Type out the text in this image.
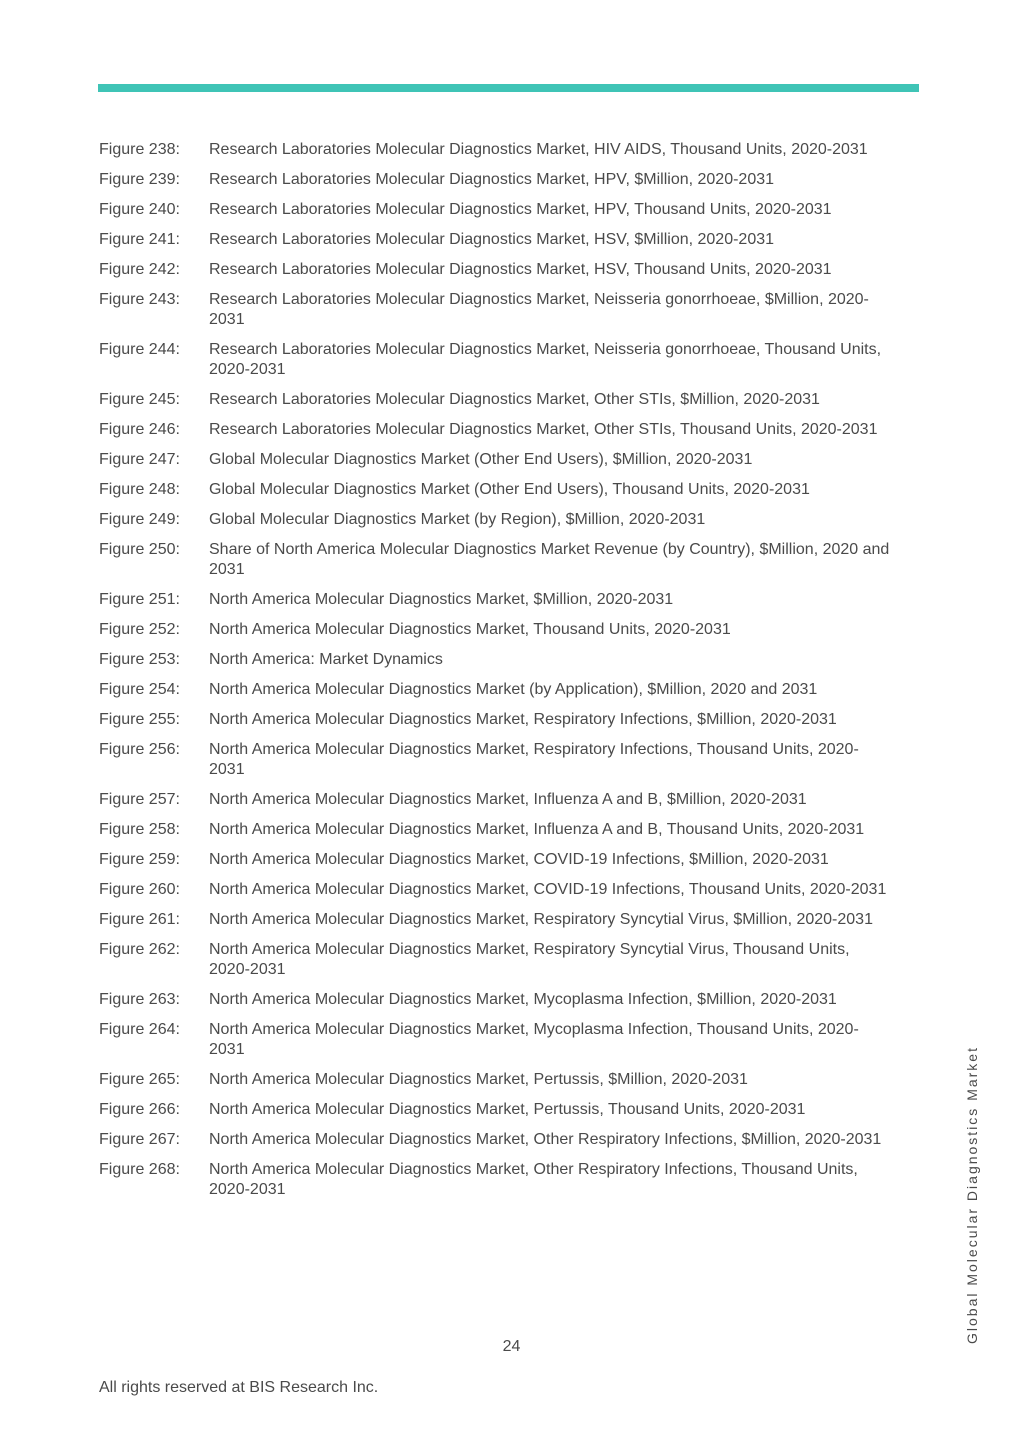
Figure 238:	Research Laboratories Molecular Diagnostics Market, HIV AIDS, Thousand Units, 2020-2031
Figure 239:	Research Laboratories Molecular Diagnostics Market, HPV, $Million, 2020-2031
Figure 240:	Research Laboratories Molecular Diagnostics Market, HPV, Thousand Units, 2020-2031
Figure 241:	Research Laboratories Molecular Diagnostics Market, HSV, $Million, 2020-2031
Figure 242:	Research Laboratories Molecular Diagnostics Market, HSV, Thousand Units, 2020-2031
Figure 243:	Research Laboratories Molecular Diagnostics Market, Neisseria gonorrhoeae, $Million, 2020-2031
Figure 244:	Research Laboratories Molecular Diagnostics Market, Neisseria gonorrhoeae, Thousand Units, 2020-2031
Figure 245:	Research Laboratories Molecular Diagnostics Market, Other STIs, $Million, 2020-2031
Figure 246:	Research Laboratories Molecular Diagnostics Market, Other STIs, Thousand Units, 2020-2031
Figure 247:	Global Molecular Diagnostics Market (Other End Users), $Million, 2020-2031
Figure 248:	Global Molecular Diagnostics Market (Other End Users), Thousand Units, 2020-2031
Figure 249:	Global Molecular Diagnostics Market (by Region), $Million, 2020-2031
Figure 250:	Share of North America Molecular Diagnostics Market Revenue (by Country), $Million, 2020 and 2031
Figure 251:	North America Molecular Diagnostics Market, $Million, 2020-2031
Figure 252:	North America Molecular Diagnostics Market, Thousand Units, 2020-2031
Figure 253:	North America: Market Dynamics
Figure 254:	North America Molecular Diagnostics Market (by Application), $Million, 2020 and 2031
Figure 255:	North America Molecular Diagnostics Market, Respiratory Infections, $Million, 2020-2031
Figure 256:	North America Molecular Diagnostics Market, Respiratory Infections, Thousand Units, 2020-2031
Figure 257:	North America Molecular Diagnostics Market, Influenza A and B, $Million, 2020-2031
Figure 258:	North America Molecular Diagnostics Market, Influenza A and B, Thousand Units, 2020-2031
Figure 259:	North America Molecular Diagnostics Market, COVID-19 Infections, $Million, 2020-2031
Figure 260:	North America Molecular Diagnostics Market, COVID-19 Infections, Thousand Units, 2020-2031
Figure 261:	North America Molecular Diagnostics Market, Respiratory Syncytial Virus, $Million, 2020-2031
Figure 262:	North America Molecular Diagnostics Market, Respiratory Syncytial Virus, Thousand Units, 2020-2031
Figure 263:	North America Molecular Diagnostics Market, Mycoplasma Infection, $Million, 2020-2031
Figure 264:	North America Molecular Diagnostics Market, Mycoplasma Infection, Thousand Units, 2020-2031
Figure 265:	North America Molecular Diagnostics Market, Pertussis, $Million, 2020-2031
Figure 266:	North America Molecular Diagnostics Market, Pertussis, Thousand Units, 2020-2031
Figure 267:	North America Molecular Diagnostics Market, Other Respiratory Infections, $Million, 2020-2031
Figure 268:	North America Molecular Diagnostics Market, Other Respiratory Infections, Thousand Units, 2020-2031
24
All rights reserved at BIS Research Inc.
Global Molecular Diagnostics Market
